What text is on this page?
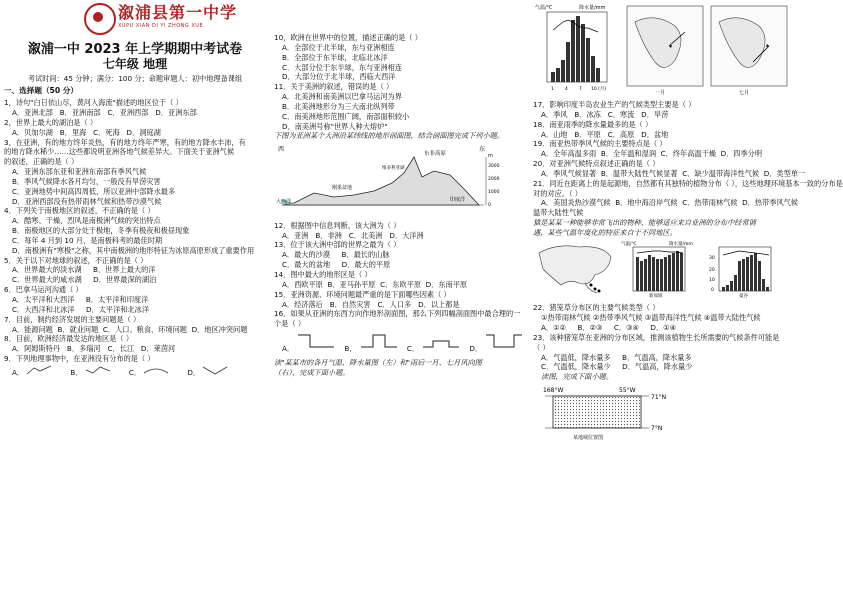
溆浦县第一中学
XUPU XIAN DI YI ZHONG XUE
溆浦一中 2023 年上学期期中考试卷
七年级 地理
考试时间：45 分钟；满分：100 分；命题审题人：初中地理备课组
一、选择题（50 分）
1，诗句"白日依山尽，黄河入海流"描述的地区位于（ ）
A．亚洲北部 B．亚洲南部 C．亚洲西部 D．亚洲东部
2，世界上最大的湖泊是（ ）
A．贝加尔湖 B．里海 C．死海 D．洞庭湖
3，在亚洲，有的地方终年炎热，有的地方终年严寒，有的地方降水丰沛，有
的地方降水稀少……这些都说明亚洲各地气候差异大。下面关于亚洲气候
的叙述，正确的是（ ）
A．亚洲东部东亚和亚洲东南部有季风气候
B．季风气候降水各月均匀，一般没有旱涝灾害
C．亚洲地势中间高四周低，所以亚洲中部降水最多
D．亚洲西部没有热带雨林气候和热带沙漠气候
4．下列关于南极地区的叙述，不正确的是（ ）
A．酷寒、干燥、烈风是南极洲气候的突出特点
B．南极地区的大部分处于极地，冬季有极夜和极昼现象
C．每年 4 月到 10 月，是南极科考的最佳时期
D．南极洲有"寒极"之称，其中南极洲的地形特征为冰原高原形成了重要作用
5．关于以下对地球的叙述，不正确的是（ ）
A．世界最大的淡水湖 B．世界上最大的洋
C．世界最大的咸水湖 D．世界最深的湖泊
6．巴拿马运河沟通（ ）
A．太平洋和大西洋 B．太平洋和印度洋
C．大西洋和北冰洋 D．太平洋和北冰洋
7．目前，制约经济发展的主要问题是（ ）
A．能源问题 B．就业问题 C．人口、粮食、环境问题 D．地区冲突问题
8．目前，欧洲经济最发达的地区是（ ）
A．阿姆斯特丹 B．多瑙河 C．长江 D．莱茵河
9．下列地理事物中，在亚洲没有分布的是（ ）
A．	B．	C．	D．
10，欧洲在世界中的位置，描述正确的是（ ）
A．全部位于北半球，东与亚洲相连
B．全部位于东半球，北临北冰洋
C．大部分位于东半球，东与亚洲相连
D．大部分位于北半球，西临大西洋
11．关于美洲的叙述，错误的是（ ）
A．北美洲和南美洲以巴拿马运河为界
B．北美洲地形分为三大南北纵列带
C．南美洲地形范围广阔，南部面积较小
D．南美洲号称"世界人种大熔炉"
下图为亚洲某个大洲沿某纬线的地形剖面图，结合剖面图完成下列小题。
西	东
东非高原
大西洋	印度洋
刚果盆地
维多利亚湖
m
3000
2000
1000
0
12．根据图中信息判断，该大洲为（ ）
A．亚洲 B．非洲 C．北美洲 D．大洋洲
13．位于该大洲中部的世界之最为（ ）
A．最大的沙漠 B．最长的山脉
C．最大的盆地 D．最大的平原
14．图中最大的地形区是（ ）
A．西欧平原 B．亚马孙平原 C．东欧平原 D．东南平原
15．亚洲资源、环境问题最严重的是下面哪些因素（ ）
A．经济落后 B．自然灾害 C．人口多 D．以上都是
16．如果从亚洲的东西方向作地形剖面图，那么下列四幅剖面图中最合理的一
个是（ ）
A．	B．	C．	D．
读"某某市的各月气温、降水量图（左）和"雨后一月、七月风向图
（右），完成下面小题。
气温/℃	降水量/mm
1 4 7 10 (月)
一月	七月
17．影响印度半岛农业生产的气候类型主要是（ ）
A．季风 B．冰冻 C．寒流 D．旱涝
18．南亚雨季的降水量最多的是（ ）
A．山地 B．平原 C．高原 D．盆地
19．南亚热带季风气候的主要特点是（ ）
A．全年高温多雨 B．全年温和湿润 C．终年高温干燥 D．四季分明
20．对亚洲气候特点叙述正确的是（ ）
A．季风气候显著 B．温带大陆性气候显著 C．缺少温带海洋性气候 D．类型单一
21．同近在距离上的是起源地，自然都有其独特的植物分布（ ），这些地理环境基本一致的分布是
对的对应。（ ）
A．美国炎热沙漠气候 B．地中海沿岸气候 C．热带雨林气候 D．热带季风气候
温带大陆性气候
猫是某某一种能够非常飞出的物种，能够适应来自业洲的分布中经常调
遇，某些气温年度化的特征来自于不同地区。
气温/℃	降水量/mm
新加坡
30
20
10
0
曼谷
22．猪笼草分布区的主要气候类型（ ）
①热带雨林气候 ②热带季风气候 ③温带海洋性气候 ④温带大陆性气候
A．①② B．②③ C．③④ D．①④
23．该种猪笼草在亚洲的分布区域，推测该植物生长所需要的气候条件可能是
（ ）
A．气温低，降水量多 B．气温高，降水量多
C．气温低，降水量少 D．气温高，降水量少
读图，完成下面小题。
168°W	55°W
71°N
7°N
某地域位置图
